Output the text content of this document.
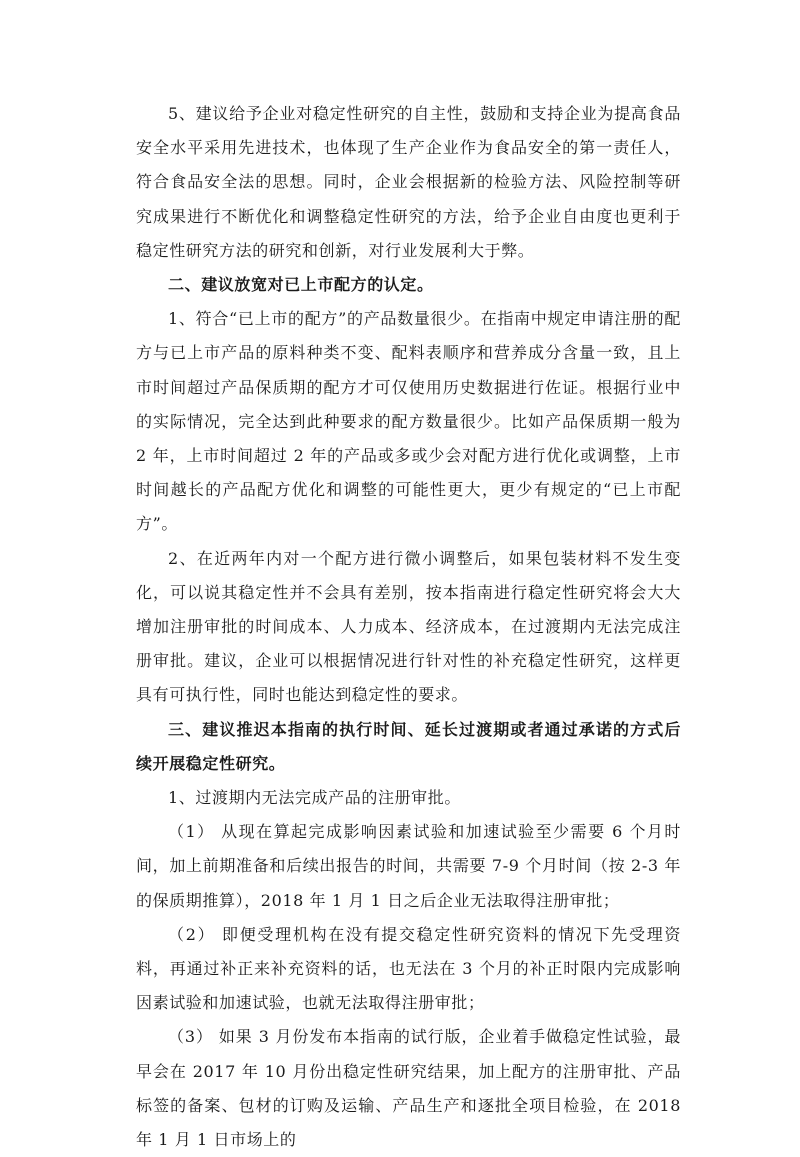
5、建议给予企业对稳定性研究的自主性，鼓励和支持企业为提高食品安全水平采用先进技术，也体现了生产企业作为食品安全的第一责任人，符合食品安全法的思想。同时，企业会根据新的检验方法、风险控制等研究成果进行不断优化和调整稳定性研究的方法，给予企业自由度也更利于稳定性研究方法的研究和创新，对行业发展利大于弊。

二、建议放宽对已上市配方的认定。

1、符合“已上市的配方”的产品数量很少。在指南中规定申请注册的配方与已上市产品的原料种类不变、配料表顺序和营养成分含量一致，且上市时间超过产品保质期的配方才可仅使用历史数据进行佐证。根据行业中的实际情况，完全达到此种要求的配方数量很少。比如产品保质期一般为 2 年，上市时间超过 2 年的产品或多或少会对配方进行优化或调整，上市时间越长的产品配方优化和调整的可能性更大，更少有规定的“已上市配方”。

2、在近两年内对一个配方进行微小调整后，如果包装材料不发生变化，可以说其稳定性并不会具有差别，按本指南进行稳定性研究将会大大增加注册审批的时间成本、人力成本、经济成本，在过渡期内无法完成注册审批。建议，企业可以根据情况进行针对性的补充稳定性研究，这样更具有可执行性，同时也能达到稳定性的要求。

三、建议推迟本指南的执行时间、延长过渡期或者通过承诺的方式后续开展稳定性研究。

1、过渡期内无法完成产品的注册审批。

（1） 从现在算起完成影响因素试验和加速试验至少需要 6 个月时间，加上前期准备和后续出报告的时间，共需要 7-9 个月时间（按 2-3 年的保质期推算），2018 年 1 月 1 日之后企业无法取得注册审批；

（2） 即便受理机构在没有提交稳定性研究资料的情况下先受理资料，再通过补正来补充资料的话，也无法在 3 个月的补正时限内完成影响因素试验和加速试验，也就无法取得注册审批；

（3） 如果 3 月份发布本指南的试行版，企业着手做稳定性试验，最早会在 2017 年 10 月份出稳定性研究结果，加上配方的注册审批、产品标签的备案、包材的订购及运输、产品生产和逐批全项目检验，在 2018 年 1 月 1 日市场上的
